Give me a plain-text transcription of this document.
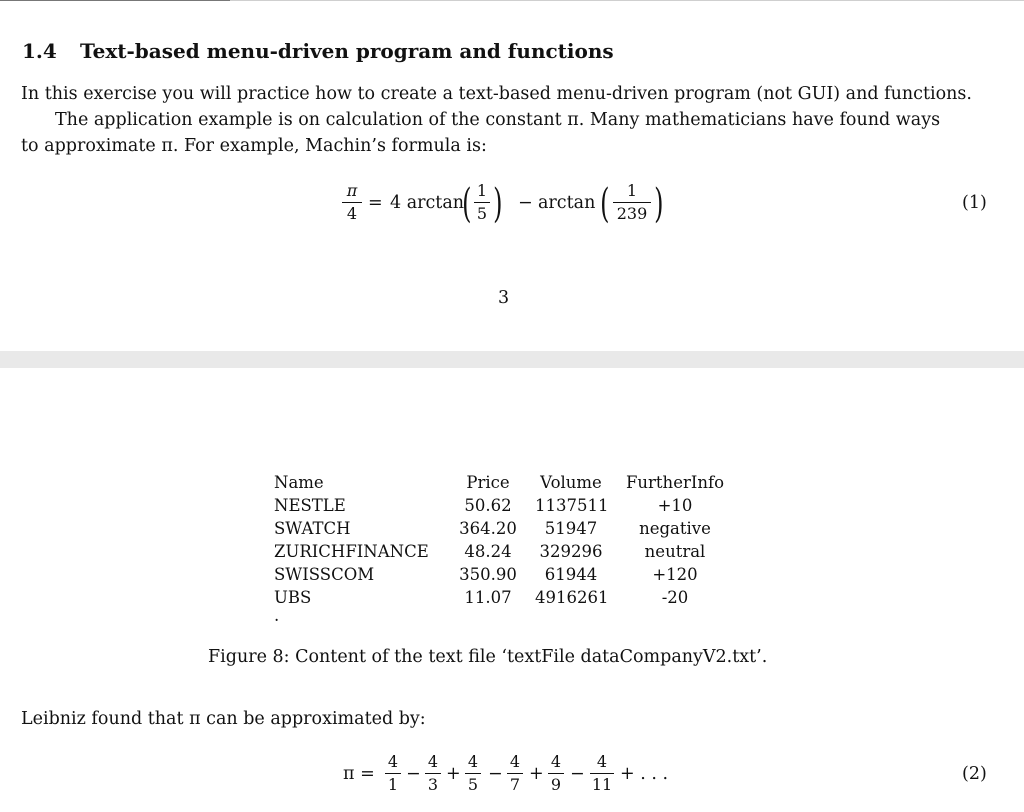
1.4 Text-based menu-driven program and functions
In this exercise you will practice how to create a text-based menu-driven program (not GUI) and functions.
The application example is on calculation of the constant π. Many mathematicians have found ways
to approximate π. For example, Machin’s formula is:
π
4
= 4 arctan
( 1
5 ) − arctan (	1
239 )	(1)
3
Name	Price	Volume	FurtherInfo
NESTLE	50.62	1137511	+10
SWATCH	364.20	51947	negative
ZURICHFINANCE	48.24	329296	neutral
SWISSCOM	350.90	61944	+120
UBS	11.07	4916261	-20
.
Figure 8: Content of the text file ‘textFile dataCompanyV2.txt’.
Leibniz found that π can be approximated by:
π =
4
1
−
4
3
+
4
5
−
4
7
+
4
9
−
4
11
+ . . .	(2)
